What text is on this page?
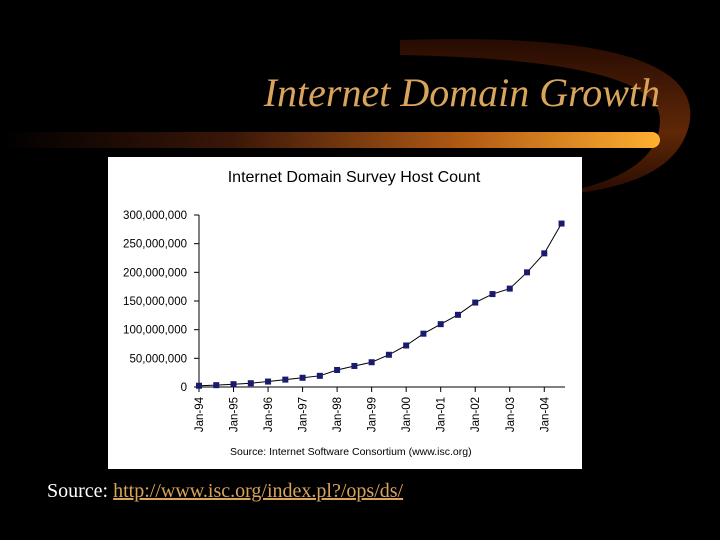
Internet Domain Growth
Internet Domain Survey Host Count
0
50,000,000
100,000,000
150,000,000
200,000,000
250,000,000
300,000,000
Jan-94 Jan-95 Jan-96 Jan-97 Jan-98 Jan-99 Jan-00 Jan-01 Jan-02 Jan-03 Jan-04
Source: Internet Software Consortium (www.isc.org)
Source: http://www.isc.org/index.pl?/ops/ds/
